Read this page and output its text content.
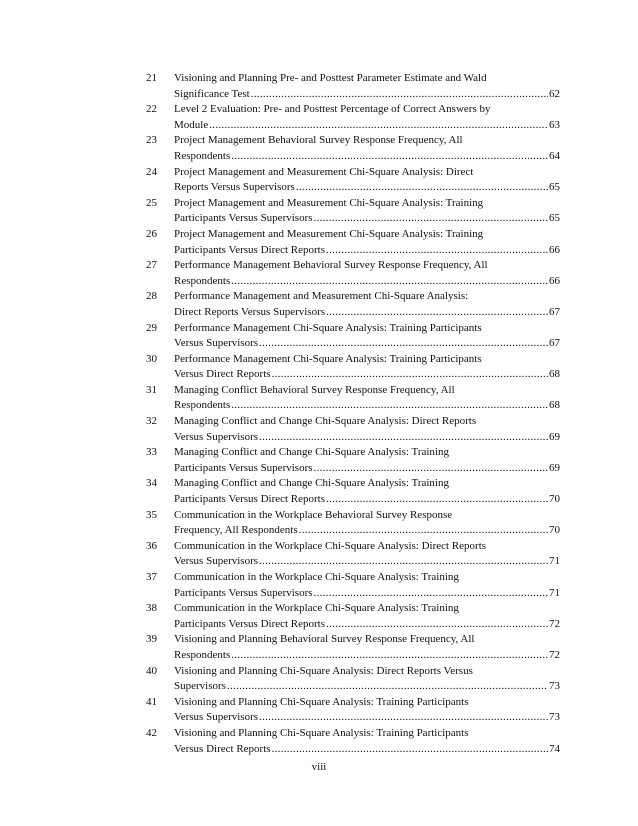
21	Visioning and Planning Pre- and Posttest Parameter Estimate and Wald
Significance Test .....	62
22	Level 2 Evaluation: Pre- and Posttest Percentage of Correct Answers by
Module .....	63
23	Project Management Behavioral Survey Response Frequency, All
Respondents .....	64
24	Project Management and Measurement Chi-Square Analysis: Direct
Reports Versus Supervisors .....	65
25	Project Management and Measurement Chi-Square Analysis: Training
Participants Versus Supervisors .....	65
26	Project Management and Measurement Chi-Square Analysis: Training
Participants Versus Direct Reports .....	66
27	Performance Management Behavioral Survey Response Frequency, All
Respondents .....	66
28	Performance Management and Measurement Chi-Square Analysis:
Direct Reports Versus Supervisors .....	67
29	Performance Management Chi-Square Analysis: Training Participants
Versus Supervisors .....	67
30	Performance Management Chi-Square Analysis: Training Participants
Versus Direct Reports .....	68
31	Managing Conflict Behavioral Survey Response Frequency, All
Respondents .....	68
32	Managing Conflict and Change Chi-Square Analysis: Direct Reports
Versus Supervisors .....	69
33	Managing Conflict and Change Chi-Square Analysis: Training
Participants Versus Supervisors .....	69
34	Managing Conflict and Change Chi-Square Analysis: Training
Participants Versus Direct Reports .....	70
35	Communication in the Workplace Behavioral Survey Response
Frequency, All Respondents .....	70
36	Communication in the Workplace Chi-Square Analysis: Direct Reports
Versus Supervisors .....	71
37	Communication in the Workplace Chi-Square Analysis: Training
Participants Versus Supervisors .....	71
38	Communication in the Workplace Chi-Square Analysis: Training
Participants Versus Direct Reports .....	72
39	Visioning and Planning Behavioral Survey Response Frequency, All
Respondents .....	72
40	Visioning and Planning Chi-Square Analysis: Direct Reports Versus
Supervisors .....	73
41	Visioning and Planning Chi-Square Analysis: Training Participants
Versus Supervisors .....	73
42	Visioning and Planning Chi-Square Analysis: Training Participants
Versus Direct Reports .....	74
viii
